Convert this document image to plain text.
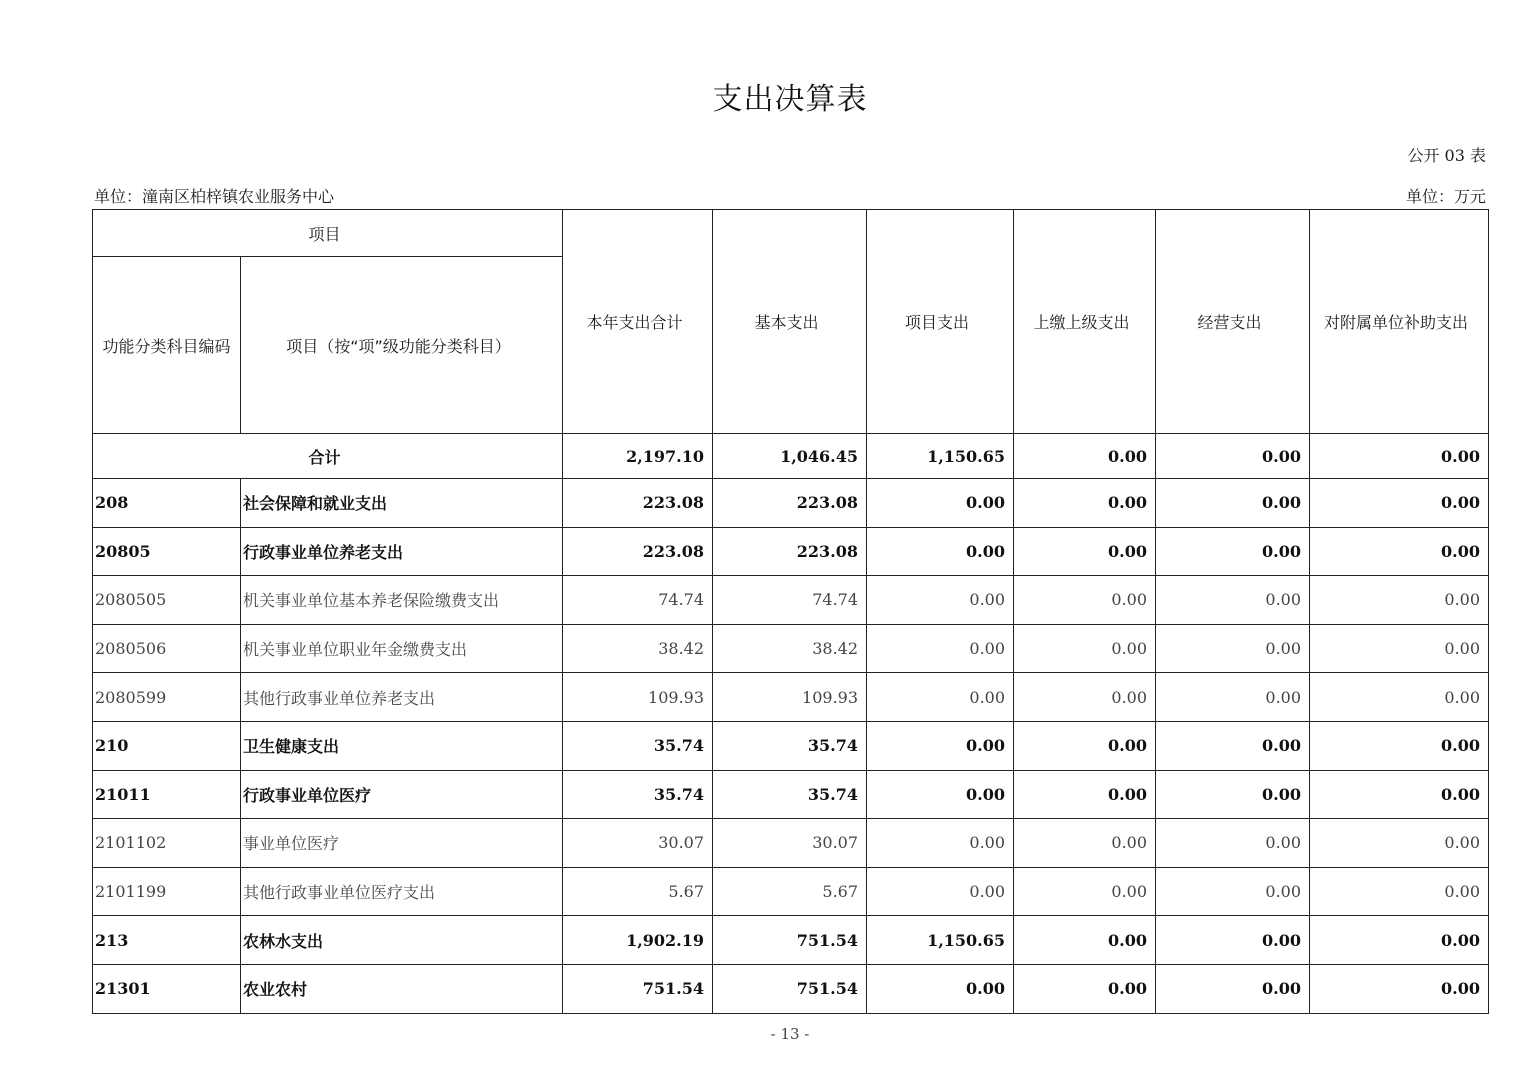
支出决算表
公开 03 表
单位：潼南区柏梓镇农业服务中心	单位：万元
项目		本年支出合计	基本支出	项目支出	上缴上级支出	经营支出	对附属单位补助支出
功能分类科目编码	项目（按“项”级功能分类科目）						
合计		2,197.10	1,046.45	1,150.65	0.00	0.00	0.00
208	社会保障和就业支出	223.08	223.08	0.00	0.00	0.00	0.00
20805	行政事业单位养老支出	223.08	223.08	0.00	0.00	0.00	0.00
2080505	机关事业单位基本养老保险缴费支出	74.74	74.74	0.00	0.00	0.00	0.00
2080506	机关事业单位职业年金缴费支出	38.42	38.42	0.00	0.00	0.00	0.00
2080599	其他行政事业单位养老支出	109.93	109.93	0.00	0.00	0.00	0.00
210	卫生健康支出	35.74	35.74	0.00	0.00	0.00	0.00
21011	行政事业单位医疗	35.74	35.74	0.00	0.00	0.00	0.00
2101102	事业单位医疗	30.07	30.07	0.00	0.00	0.00	0.00
2101199	其他行政事业单位医疗支出	5.67	5.67	0.00	0.00	0.00	0.00
213	农林水支出	1,902.19	751.54	1,150.65	0.00	0.00	0.00
21301	农业农村	751.54	751.54	0.00	0.00	0.00	0.00
- 13 -
